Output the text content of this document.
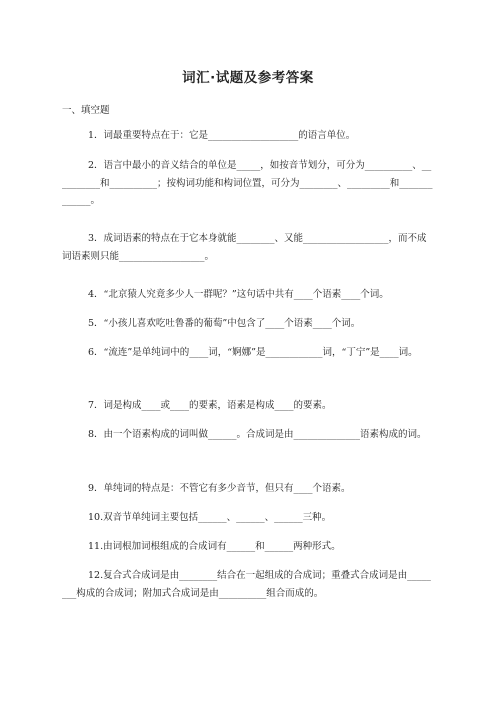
词汇·试题及参考答案
一、填空题
1．词最重要特点在于：它是___________________的语言单位。
2．语言中最小的音义结合的单位是_____，如按音节划分，可分为__________、__________和__________；按构词功能和构词位置，可分为________、_________和_____________。
3．成词语素的特点在于它本身就能________、又能__________________，而不成词语素则只能__________________。
4．“北京猿人究竟多少人一群呢？”这句话中共有____个语素____个词。
5．“小孩儿喜欢吃吐鲁番的葡萄”中包含了____个语素____个词。
6．“流连”是单纯词中的____词，“婀娜”是____________词，“丁宁”是____词。
7．词是构成____或____的要素，语素是构成____的要素。
8．由一个语素构成的词叫做______。合成词是由______________语素构成的词。
9．单纯词的特点是：不管它有多少音节，但只有____个语素。
10.双音节单纯词主要包括______、______、______三种。
11.由词根加词根组成的合成词有______和______两种形式。
12.复合式合成词是由________结合在一起组成的合成词；重叠式合成词是由________构成的合成词；附加式合成词是由__________组合而成的。
